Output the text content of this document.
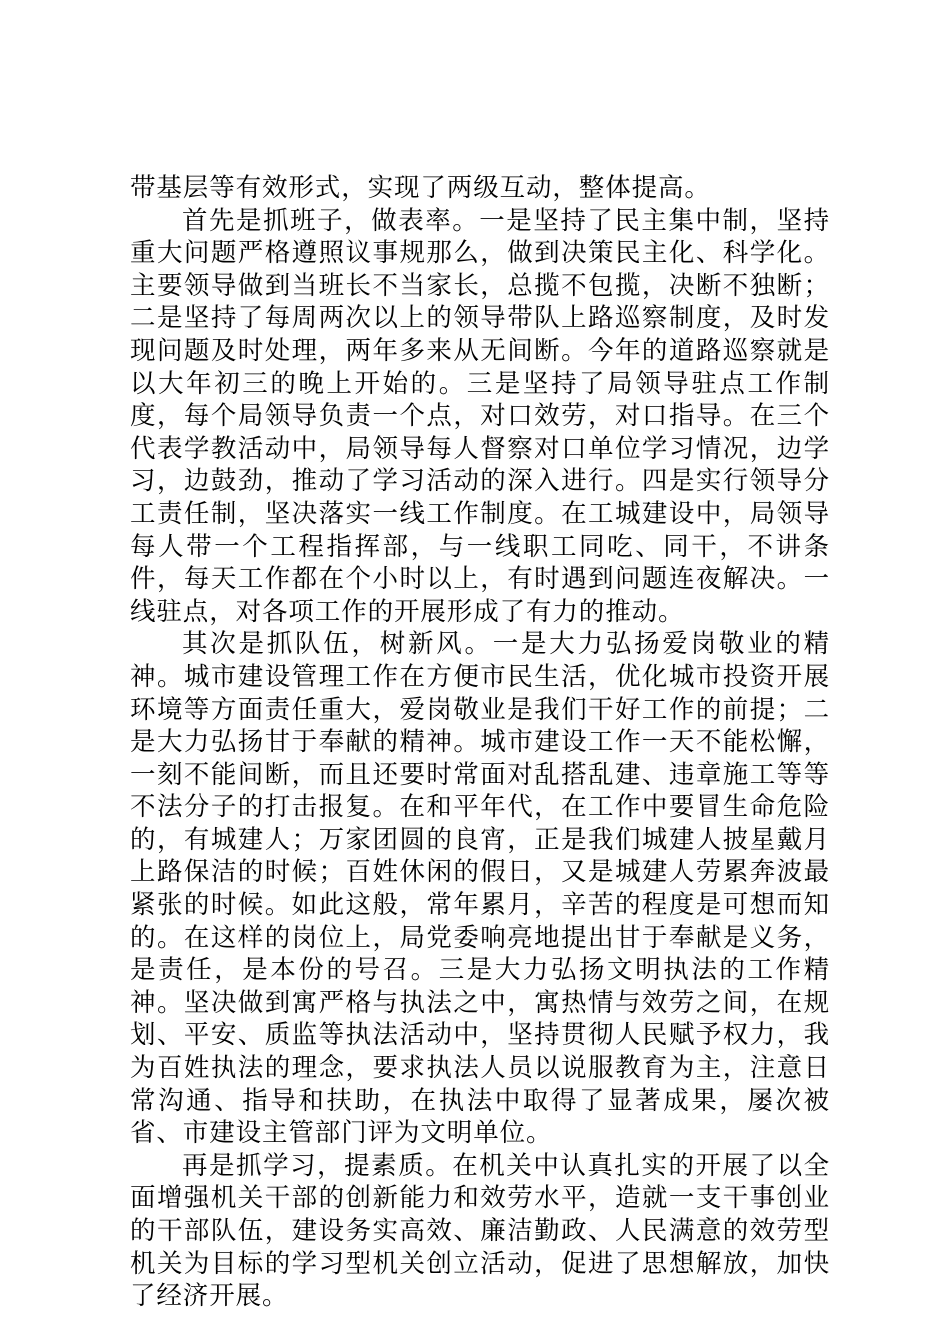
带基层等有效形式，实现了两级互动，整体提高。

首先是抓班子，做表率。一是坚持了民主集中制，坚持重大问题严格遵照议事规那么，做到决策民主化、科学化。主要领导做到当班长不当家长，总揽不包揽，决断不独断；二是坚持了每周两次以上的领导带队上路巡察制度，及时发现问题及时处理，两年多来从无间断。今年的道路巡察就是以大年初三的晚上开始的。三是坚持了局领导驻点工作制度，每个局领导负责一个点，对口效劳，对口指导。在三个代表学教活动中，局领导每人督察对口单位学习情况，边学习，边鼓劲，推动了学习活动的深入进行。四是实行领导分工责任制，坚决落实一线工作制度。在工城建设中，局领导每人带一个工程指挥部，与一线职工同吃、同干，不讲条件，每天工作都在个小时以上，有时遇到问题连夜解决。一线驻点，对各项工作的开展形成了有力的推动。

其次是抓队伍，树新风。一是大力弘扬爱岗敬业的精神。城市建设管理工作在方便市民生活，优化城市投资开展环境等方面责任重大，爱岗敬业是我们干好工作的前提；二是大力弘扬甘于奉献的精神。城市建设工作一天不能松懈，一刻不能间断，而且还要时常面对乱搭乱建、违章施工等等不法分子的打击报复。在和平年代，在工作中要冒生命危险的，有城建人；万家团圆的良宵，正是我们城建人披星戴月上路保洁的时候；百姓休闲的假日，又是城建人劳累奔波最紧张的时候。如此这般，常年累月，辛苦的程度是可想而知的。在这样的岗位上，局党委响亮地提出甘于奉献是义务，是责任，是本份的号召。三是大力弘扬文明执法的工作精神。坚决做到寓严格与执法之中，寓热情与效劳之间，在规划、平安、质监等执法活动中，坚持贯彻人民赋予权力，我为百姓执法的理念，要求执法人员以说服教育为主，注意日常沟通、指导和扶助，在执法中取得了显著成果，屡次被省、市建设主管部门评为文明单位。

再是抓学习，提素质。在机关中认真扎实的开展了以全面增强机关干部的创新能力和效劳水平，造就一支干事创业的干部队伍，建设务实高效、廉洁勤政、人民满意的效劳型机关为目标的学习型机关创立活动，促进了思想解放，加快了经济开展。
